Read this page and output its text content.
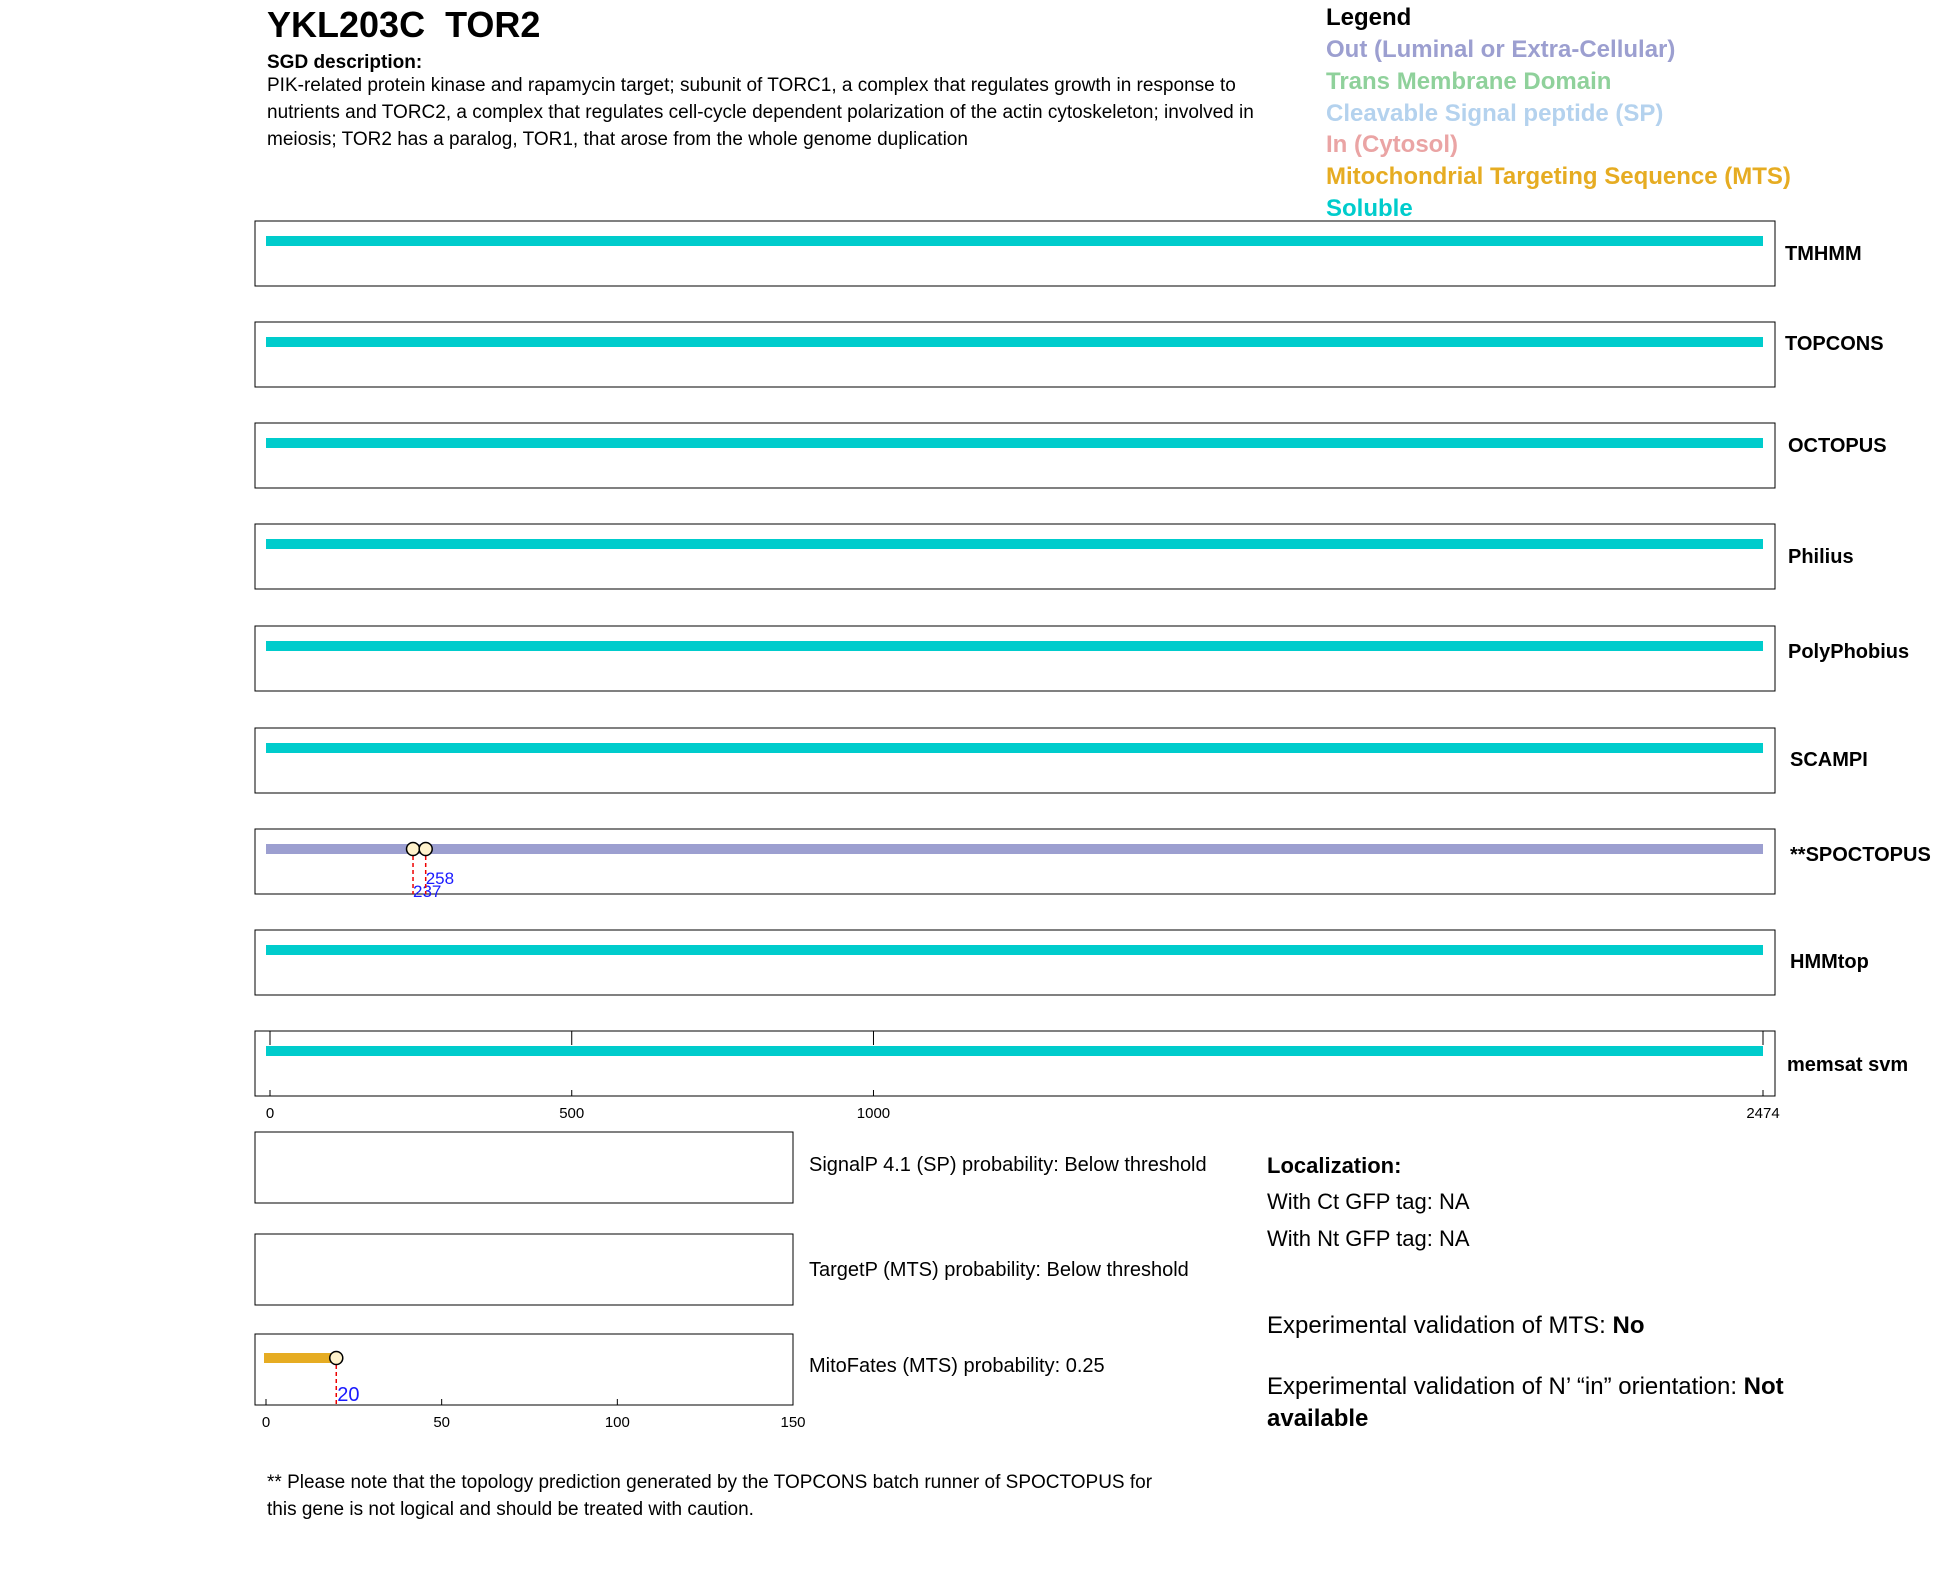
YKL203C  TOR2
SGD description:
PIK-related protein kinase and rapamycin target; subunit of TORC1, a complex that regulates growth in response to nutrients and TORC2, a complex that regulates cell-cycle dependent polarization of the actin cytoskeleton; involved in meiosis; TOR2 has a paralog, TOR1, that arose from the whole genome duplication
Legend
Out (Luminal or Extra-Cellular)
Trans Membrane Domain
Cleavable Signal peptide (SP)
In (Cytosol)
Mitochondrial Targeting Sequence (MTS)
Soluble
237
258
0	500	1000	2474
20
0	50	100	150
TMHMM
TOPCONS
OCTOPUS
Philius
PolyPhobius
SCAMPI
**SPOCTOPUS
HMMtop
memsat svm
SignalP 4.1 (SP) probability: Below threshold
TargetP (MTS) probability: Below threshold
MitoFates (MTS) probability: 0.25
Localization:
With Ct GFP tag: NA
With Nt GFP tag: NA
Experimental validation of MTS: No
Experimental validation of N’ “in” orientation: Not available
** Please note that the topology prediction generated by the TOPCONS batch runner of SPOCTOPUS for this gene is not logical and should be treated with caution.
